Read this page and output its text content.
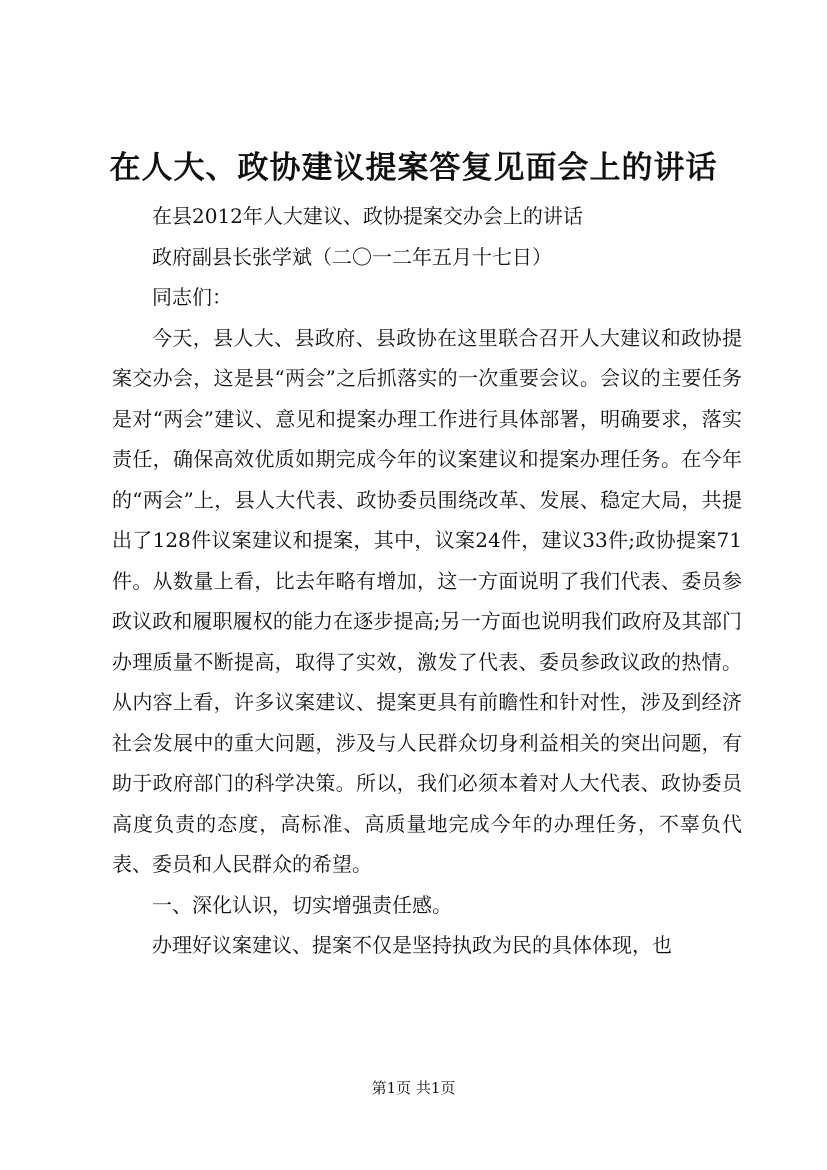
在人大、政协建议提案答复见面会上的讲话

在县2012年人大建议、政协提案交办会上的讲话

政府副县长张学斌（二〇一二年五月十七日）

同志们：

今天，县人大、县政府、县政协在这里联合召开人大建议和政协提案交办会，这是县“两会”之后抓落实的一次重要会议。会议的主要任务是对“两会”建议、意见和提案办理工作进行具体部署，明确要求，落实责任，确保高效优质如期完成今年的议案建议和提案办理任务。在今年的“两会”上，县人大代表、政协委员围绕改革、发展、稳定大局，共提出了128件议案建议和提案，其中，议案24件，建议33件;政协提案71件。从数量上看，比去年略有增加，这一方面说明了我们代表、委员参政议政和履职履权的能力在逐步提高;另一方面也说明我们政府及其部门办理质量不断提高，取得了实效，激发了代表、委员参政议政的热情。从内容上看，许多议案建议、提案更具有前瞻性和针对性，涉及到经济社会发展中的重大问题，涉及与人民群众切身利益相关的突出问题，有助于政府部门的科学决策。所以，我们必须本着对人大代表、政协委员高度负责的态度，高标准、高质量地完成今年的办理任务，不辜负代表、委员和人民群众的希望。

一、深化认识，切实增强责任感。

办理好议案建议、提案不仅是坚持执政为民的具体体现，也

第1页 共1页
